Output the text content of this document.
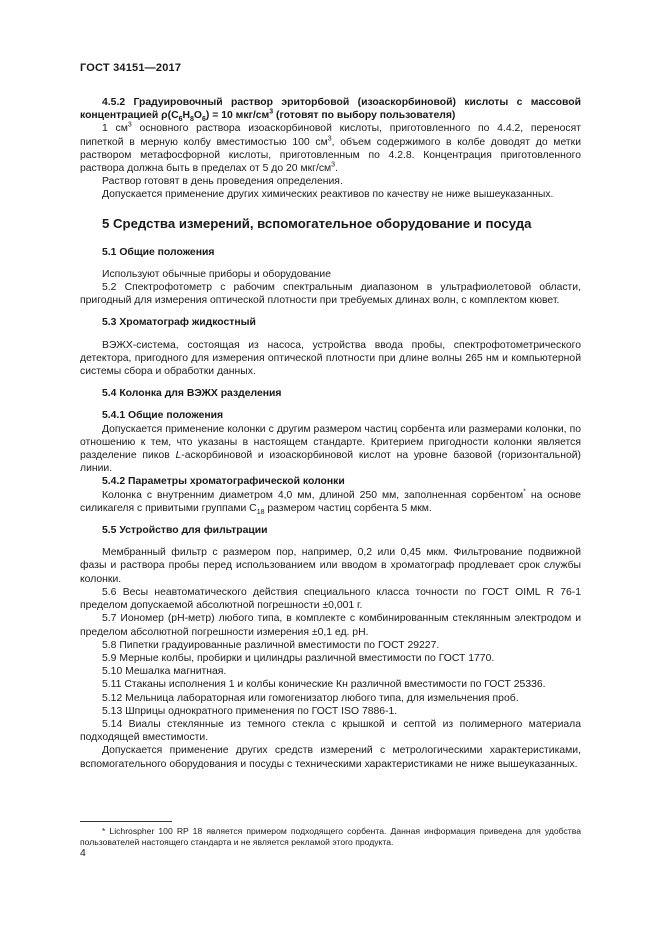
ГОСТ 34151—2017

4.5.2 Градуировочный раствор эриторбовой (изоаскорбиновой) кислоты с массовой концентрацией $\rho(C_6H_8O_6) = 10$ мкг/$см^3$ (готовят по выбору пользователя)

1 $см^3$ основного раствора изоаскорбиновой кислоты, приготовленного по 4.4.2, переносят пипеткой в мерную колбу вместимостью 100 $см^3$, объем содержимого в колбе доводят до метки раствором метафосфорной кислоты, приготовленным по 4.2.8. Концентрация приготовленного раствора должна быть в пределах от 5 до 20 мкг/$см^3$.

Раствор готовят в день проведения определения.

Допускается применение других химических реактивов по качеству не ниже вышеуказанных.

5 Средства измерений, вспомогательное оборудование и посуда

5.1 Общие положения

Используют обычные приборы и оборудование

5.2 Спектрофотометр с рабочим спектральным диапазоном в ультрафиолетовой области, пригодный для измерения оптической плотности при требуемых длинах волн, с комплектом кювет.

5.3 Хроматограф жидкостный

ВЭЖХ-система, состоящая из насоса, устройства ввода пробы, спектрофотометрического детектора, пригодного для измерения оптической плотности при длине волны 265 нм и компьютерной системы сбора и обработки данных.

5.4 Колонка для ВЭЖХ разделения

5.4.1 Общие положения

Допускается применение колонки с другим размером частиц сорбента или размерами колонки, по отношению к тем, что указаны в настоящем стандарте. Критерием пригодности колонки является разделение пиков L-аскорбиновой и изоаскорбиновой кислот на уровне базовой (горизонтальной) линии.

5.4.2 Параметры хроматографической колонки

Колонка с внутренним диаметром 4,0 мм, длиной 250 мм, заполненная сорбентом* на основе силикагеля с привитыми группами $С_{18}$ размером частиц сорбента 5 мкм.

5.5 Устройство для фильтрации

Мембранный фильтр с размером пор, например, 0,2 или 0,45 мкм. Фильтрование подвижной фазы и раствора пробы перед использованием или вводом в хроматограф продлевает срок службы колонки.

5.6 Весы неавтоматического действия специального класса точности по ГОСТ OIML R 76-1 пределом допускаемой абсолютной погрешности ±0,001 г.

5.7 Иономер (рН-метр) любого типа, в комплекте с комбинированным стеклянным электродом и пределом абсолютной погрешности измерения ±0,1 ед. рН.

5.8 Пипетки градуированные различной вместимости по ГОСТ 29227.

5.9 Мерные колбы, пробирки и цилиндры различной вместимости по ГОСТ 1770.

5.10 Мешалка магнитная.

5.11 Стаканы исполнения 1 и колбы конические Кн различной вместимости по ГОСТ 25336.

5.12 Мельница лабораторная или гомогенизатор любого типа, для измельчения проб.

5.13 Шприцы однократного применения по ГОСТ ISO 7886-1.

5.14 Виалы стеклянные из темного стекла с крышкой и септой из полимерного материала подходящей вместимости.

Допускается применение других средств измерений с метрологическими характеристиками, вспомогательного оборудования и посуды с техническими характеристиками не ниже вышеуказанных.

* Lichrospher 100 RP 18 является примером подходящего сорбента. Данная информация приведена для удобства пользователей настоящего стандарта и не является рекламой этого продукта.
4
